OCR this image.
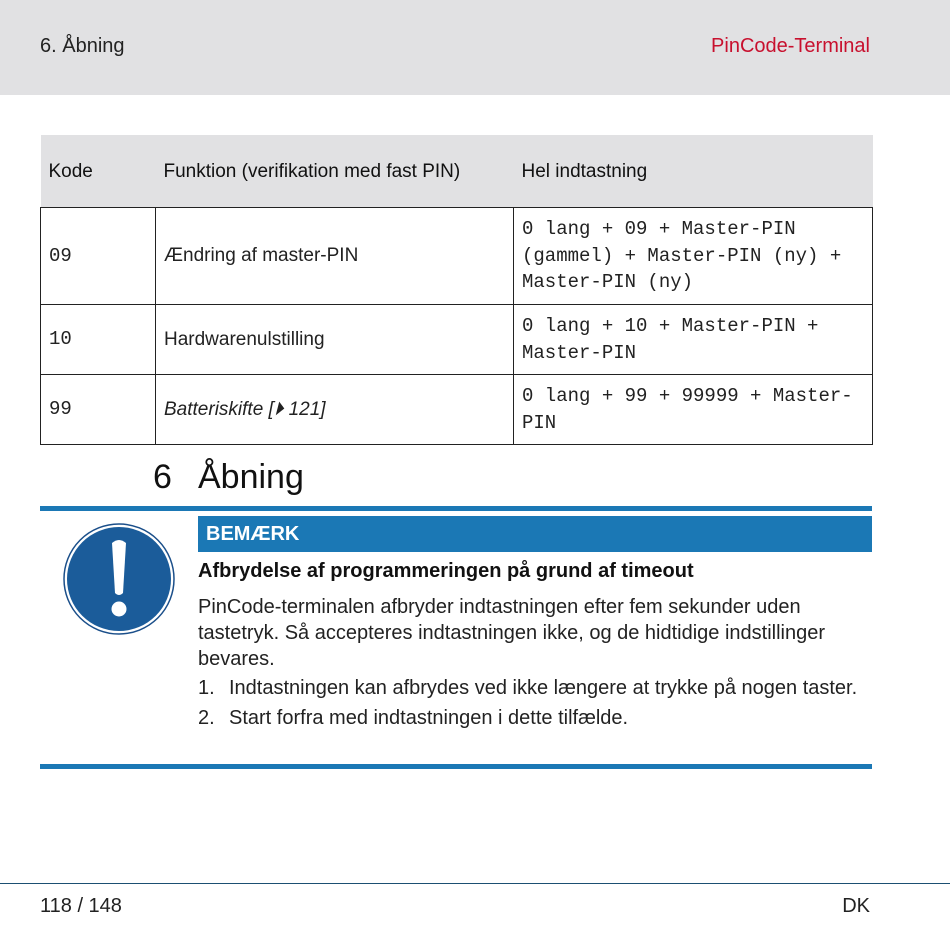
6. Åbning	PinCode-Terminal
Kode	Funktion (verifikation med fast PIN)	Hel indtastning
09	Ændring af master-PIN	0 lang + 09 + Master-PIN (gammel) + Master-PIN (ny) + Master-PIN (ny)
10	Hardwarenulstilling	0 lang + 10 + Master-PIN + Master-PIN
99	Batteriskifte [⏵ 121]	0 lang + 99 + 99999 + Master-PIN
6 Åbning
BEMÆRK
Afbrydelse af programmeringen på grund af timeout
PinCode-terminalen afbryder indtastningen efter fem sekunder uden tastetryk. Så accepteres indtastningen ikke, og de hidtidige indstillinger bevares.
1. Indtastningen kan afbrydes ved ikke længere at trykke på nogen taster.
2. Start forfra med indtastningen i dette tilfælde.
118 / 148	DK
